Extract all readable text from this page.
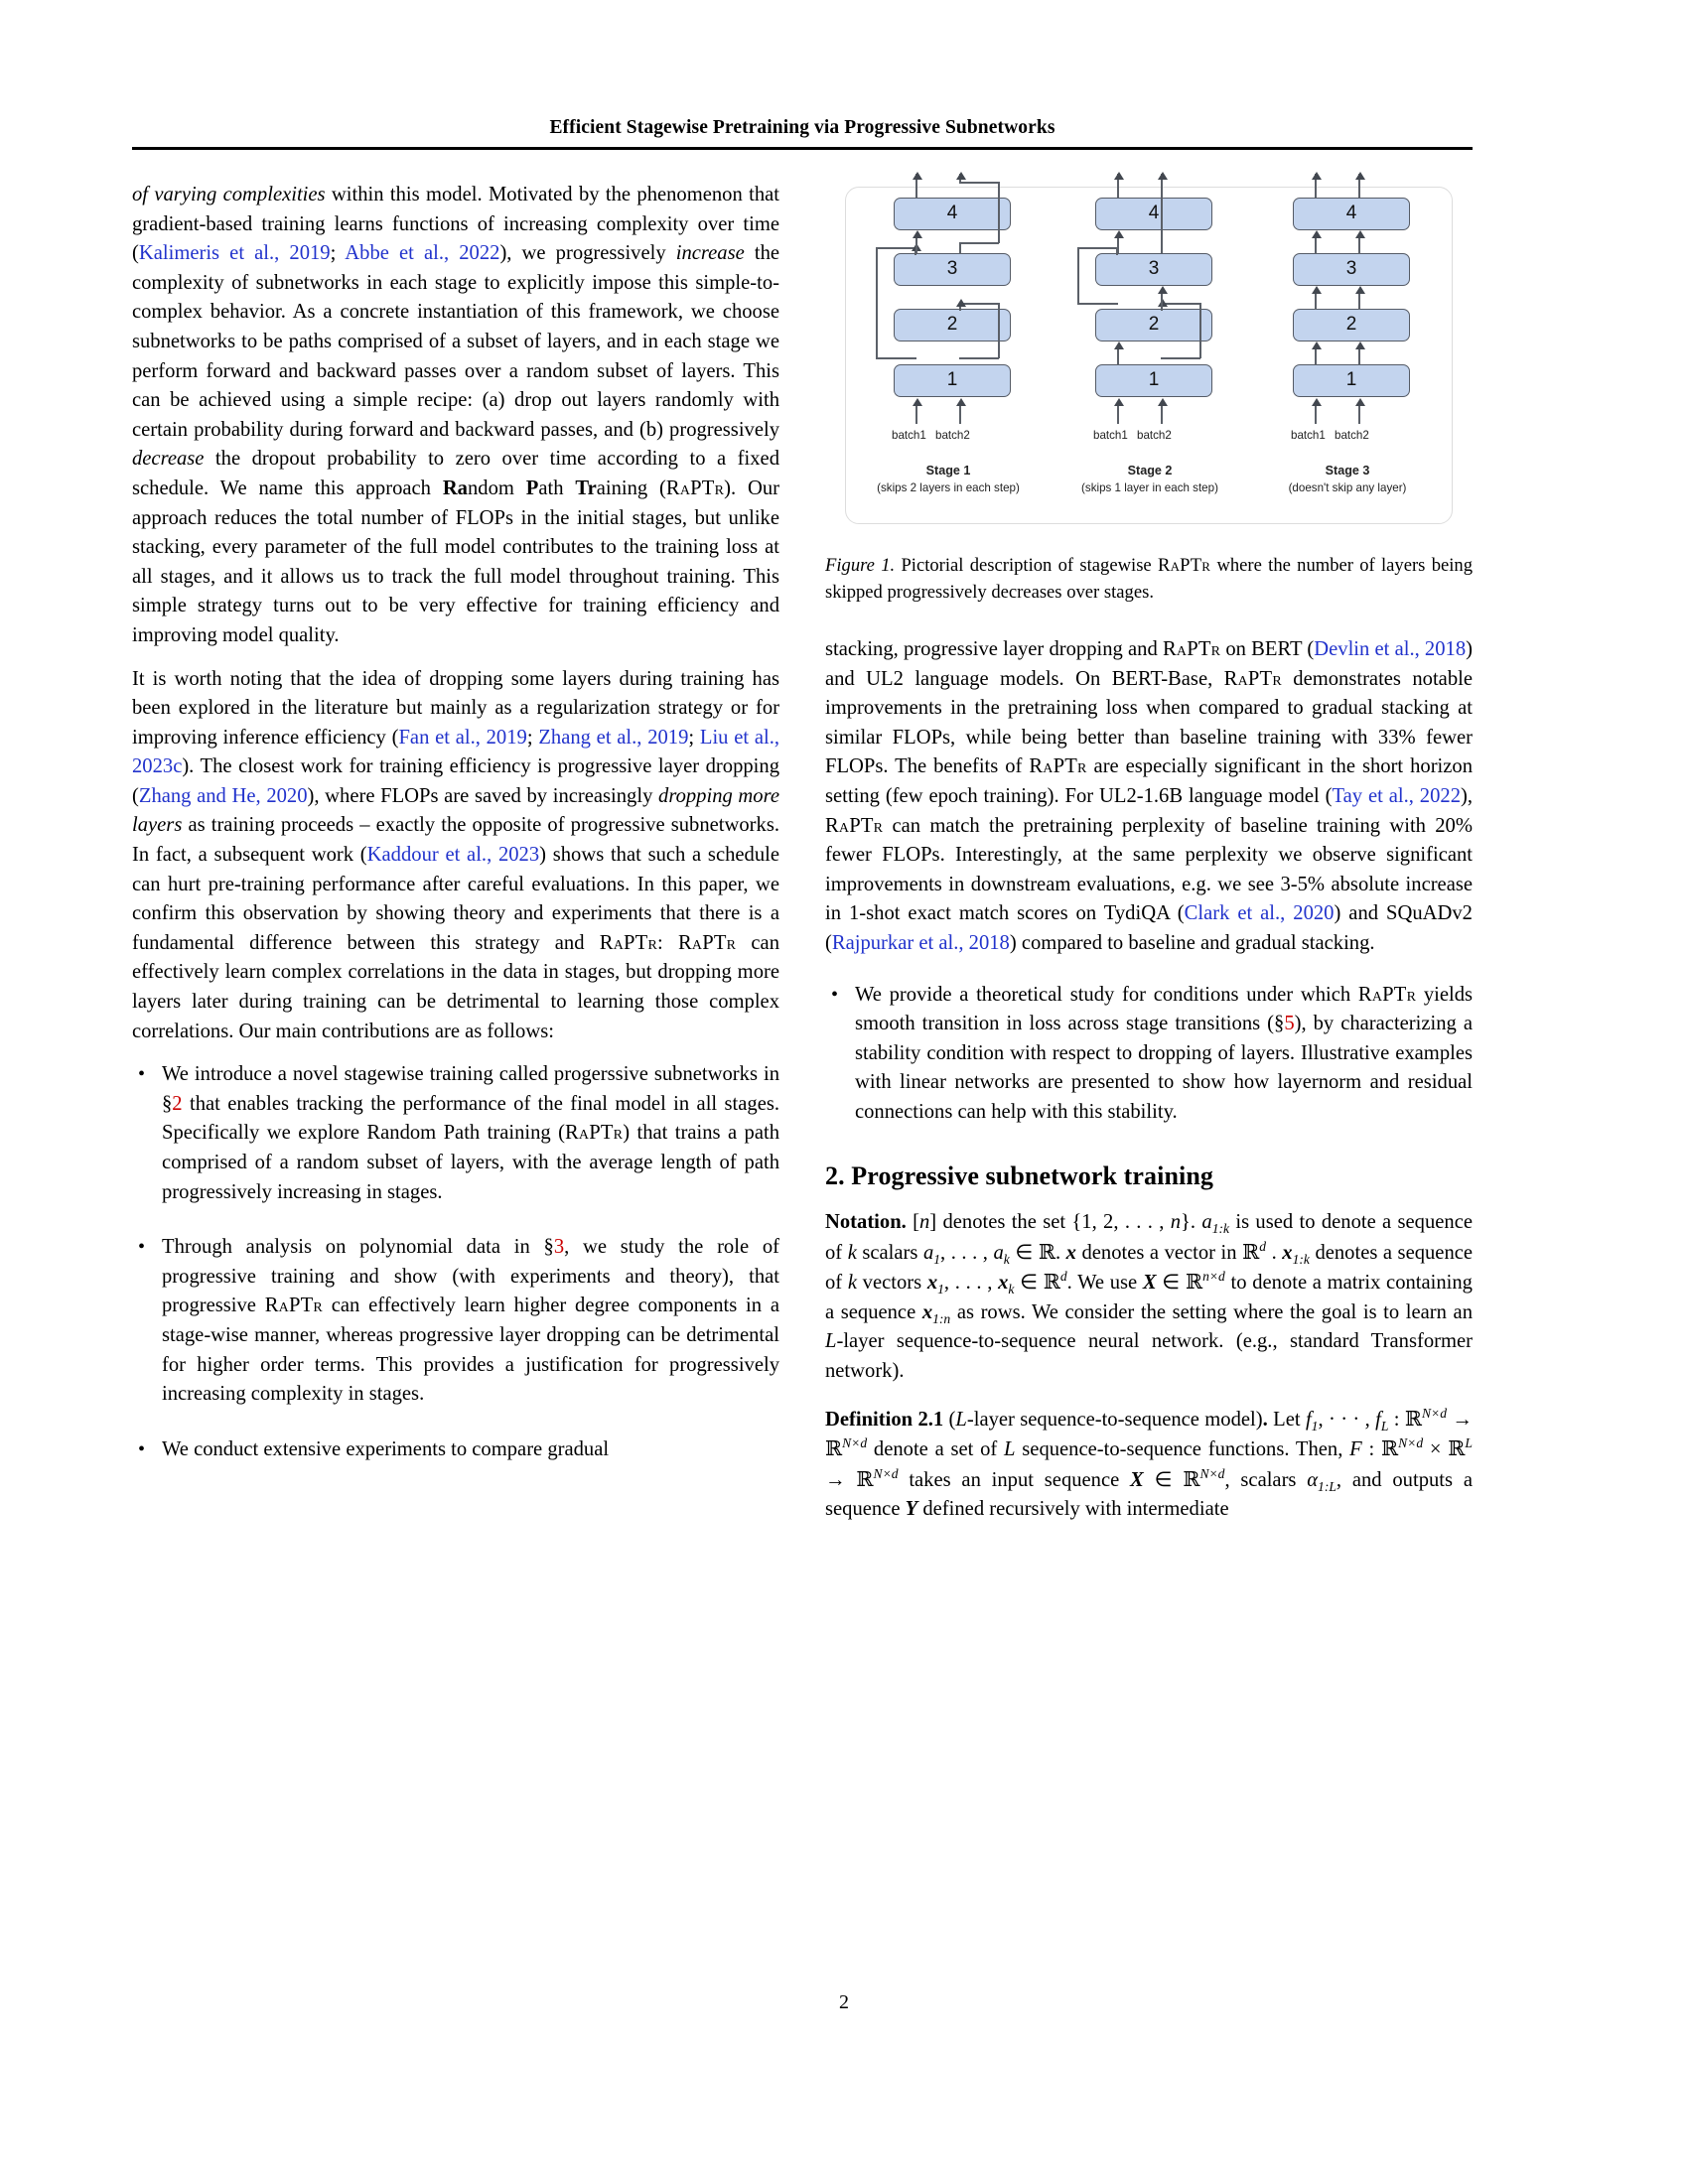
Efficient Stagewise Pretraining via Progressive Subnetworks

of varying complexities within this model. Motivated by the phenomenon that gradient-based training learns functions of increasing complexity over time (Kalimeris et al., 2019; Abbe et al., 2022), we progressively increase the complexity of subnetworks in each stage to explicitly impose this simple-to-complex behavior. As a concrete instantiation of this framework, we choose subnetworks to be paths comprised of a subset of layers, and in each stage we perform forward and backward passes over a random subset of layers. This can be achieved using a simple recipe: (a) drop out layers randomly with certain probability during forward and backward passes, and (b) progressively decrease the dropout probability to zero over time according to a fixed schedule. We name this approach Random Path Training (RaPTr). Our approach reduces the total number of FLOPs in the initial stages, but unlike stacking, every parameter of the full model contributes to the training loss at all stages, and it allows us to track the full model throughout training. This simple strategy turns out to be very effective for training efficiency and improving model quality.

It is worth noting that the idea of dropping some layers during training has been explored in the literature but mainly as a regularization strategy or for improving inference efficiency (Fan et al., 2019; Zhang et al., 2019; Liu et al., 2023c). The closest work for training efficiency is progressive layer dropping (Zhang and He, 2020), where FLOPs are saved by increasingly dropping more layers as training proceeds – exactly the opposite of progressive subnetworks. In fact, a subsequent work (Kaddour et al., 2023) shows that such a schedule can hurt pre-training performance after careful evaluations. In this paper, we confirm this observation by showing theory and experiments that there is a fundamental difference between this strategy and RaPTr: RaPTr can effectively learn complex correlations in the data in stages, but dropping more layers later during training can be detrimental to learning those complex correlations. Our main contributions are as follows:

• We introduce a novel stagewise training called progerssive subnetworks in §2 that enables tracking the performance of the final model in all stages. Specifically we explore Random Path training (RaPTr) that trains a path comprised of a random subset of layers, with the average length of path progressively increasing in stages.
• Through analysis on polynomial data in §3, we study the role of progressive training and show (with experiments and theory), that progressive RaPTr can effectively learn higher degree components in a stage-wise manner, whereas progressive layer dropping can be detrimental for higher order terms. This provides a justification for progressively increasing complexity in stages.
• We conduct extensive experiments to compare gradual
1
2
3
4
batch1 batch2
Stage 1
(skips 2 layers in each step)
1
2
3
4
batch1 batch2
Stage 2
(skips 1 layer in each step)
1
2
3
4
batch1 batch2
Stage 3
(doesn't skip any layer)
Figure 1. Pictorial description of stagewise RaPTr where the number of layers being skipped progressively decreases over stages.

stacking, progressive layer dropping and RaPTr on BERT (Devlin et al., 2018) and UL2 language models. On BERT-Base, RaPTr demonstrates notable improvements in the pretraining loss when compared to gradual stacking at similar FLOPs, while being better than baseline training with 33% fewer FLOPs. The benefits of RaPTr are especially significant in the short horizon setting (few epoch training). For UL2-1.6B language model (Tay et al., 2022), RaPTr can match the pretraining perplexity of baseline training with 20% fewer FLOPs. Interestingly, at the same perplexity we observe significant improvements in downstream evaluations, e.g. we see 3-5% absolute increase in 1-shot exact match scores on TydiQA (Clark et al., 2020) and SQuADv2 (Rajpurkar et al., 2018) compared to baseline and gradual stacking.

• We provide a theoretical study for conditions under which RaPTr yields smooth transition in loss across stage transitions (§5), by characterizing a stability condition with respect to dropping of layers. Illustrative examples with linear networks are presented to show how layernorm and residual connections can help with this stability.
2. Progressive subnetwork training

Notation. [n] denotes the set {1, 2, . . . , n}. $a_{1:k}$ is used to denote a sequence of k scalars $a_1$, . . . , $a_k$ ∈ ℝ. x denotes a vector in ℝ$^d$ . $x_{1:k}$ denotes a sequence of k vectors $x_1$, . . . , $x_k$ ∈ ℝ$^d$. We use X ∈ ℝ$^{n\times d}$ to denote a matrix containing a sequence $x_{1:n}$ as rows. We consider the setting where the goal is to learn an L-layer sequence-to-sequence neural network. (e.g., standard Transformer network).

Definition 2.1 (L-layer sequence-to-sequence model). Let $f_1$, · · · , $f_L$ : ℝ$^{N\times d}$ → ℝ$^{N\times d}$ denote a set of L sequence-to-sequence functions. Then, F : ℝ$^{N\times d}$ × ℝ$^L$ → ℝ$^{N\times d}$ takes an input sequence X ∈ ℝ$^{N\times d}$, scalars $\alpha_{1:L}$, and outputs a sequence Y defined recursively with intermediate

2
